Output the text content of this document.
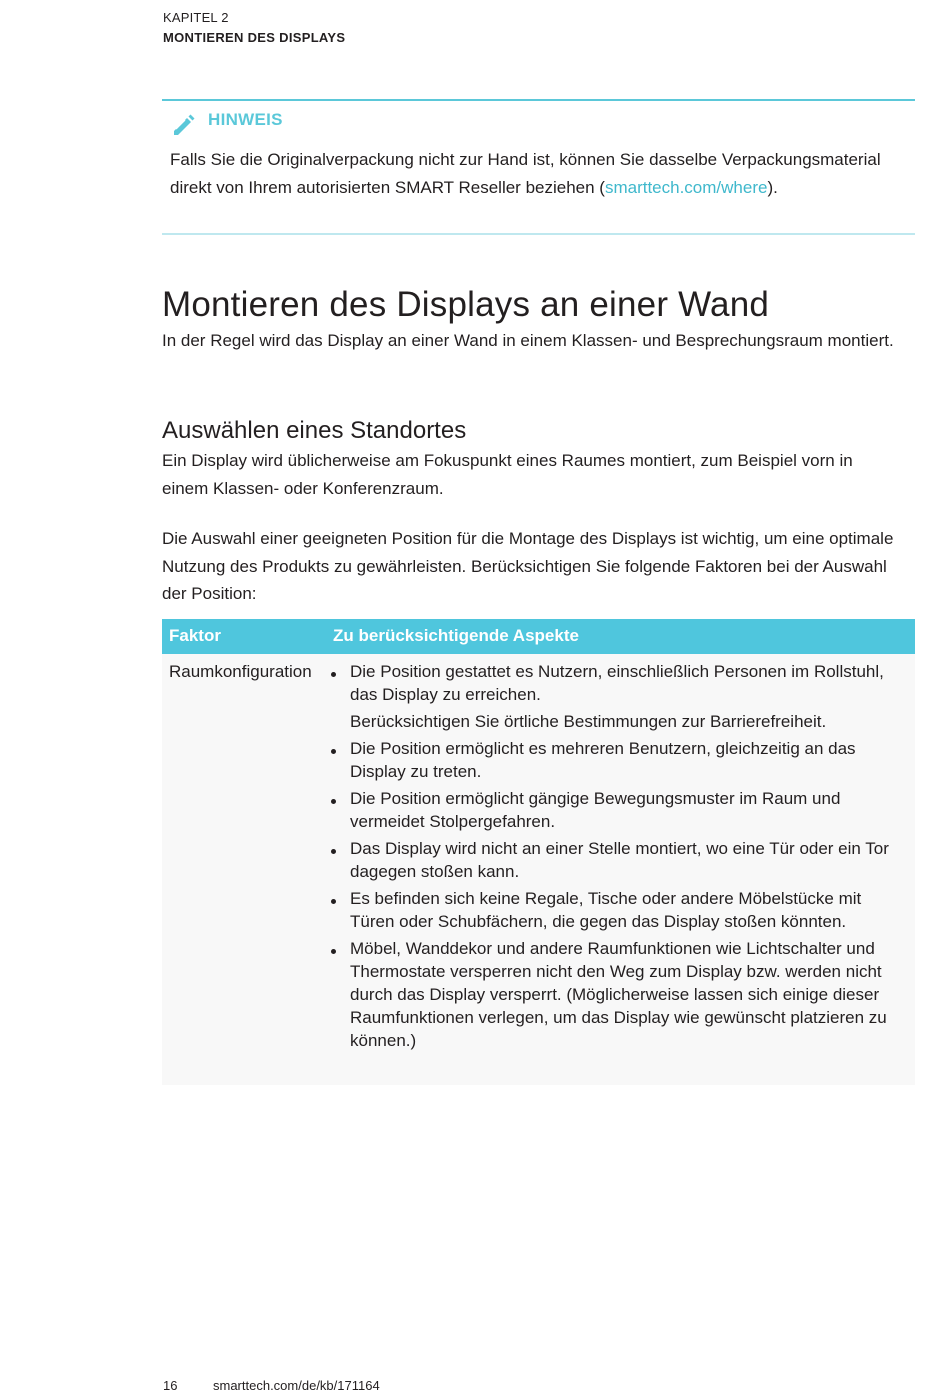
KAPITEL 2
MONTIEREN DES DISPLAYS
HINWEIS
Falls Sie die Originalverpackung nicht zur Hand ist, können Sie dasselbe Verpackungsmaterial direkt von Ihrem autorisierten SMART Reseller beziehen (smarttech.com/where).
Montieren des Displays an einer Wand

In der Regel wird das Display an einer Wand in einem Klassen- und Besprechungsraum montiert.

Auswählen eines Standortes

Ein Display wird üblicherweise am Fokuspunkt eines Raumes montiert, zum Beispiel vorn in einem Klassen- oder Konferenzraum.

Die Auswahl einer geeigneten Position für die Montage des Displays ist wichtig, um eine optimale Nutzung des Produkts zu gewährleisten. Berücksichtigen Sie folgende Faktoren bei der Auswahl der Position:

Faktor	Zu berücksichtigende Aspekte
Raumkonfiguration Die Position gestattet es Nutzern, einschließlich Personen im Rollstuhl, das Display zu erreichen.
Berücksichtigen Sie örtliche Bestimmungen zur Barrierefreiheit.
Die Position ermöglicht es mehreren Benutzern, gleichzeitig an das Display zu treten.
Die Position ermöglicht gängige Bewegungsmuster im Raum und vermeidet Stolpergefahren.
Das Display wird nicht an einer Stelle montiert, wo eine Tür oder ein Tor dagegen stoßen kann.
Es befinden sich keine Regale, Tische oder andere Möbelstücke mit Türen oder Schubfächern, die gegen das Display stoßen könnten.
Möbel, Wanddekor und andere Raumfunktionen wie Lichtschalter und Thermostate versperren nicht den Weg zum Display bzw. werden nicht durch das Display versperrt. (Möglicherweise lassen sich einige dieser Raumfunktionen verlegen, um das Display wie gewünscht platzieren zu können.)
16	smarttech.com/de/kb/171164
